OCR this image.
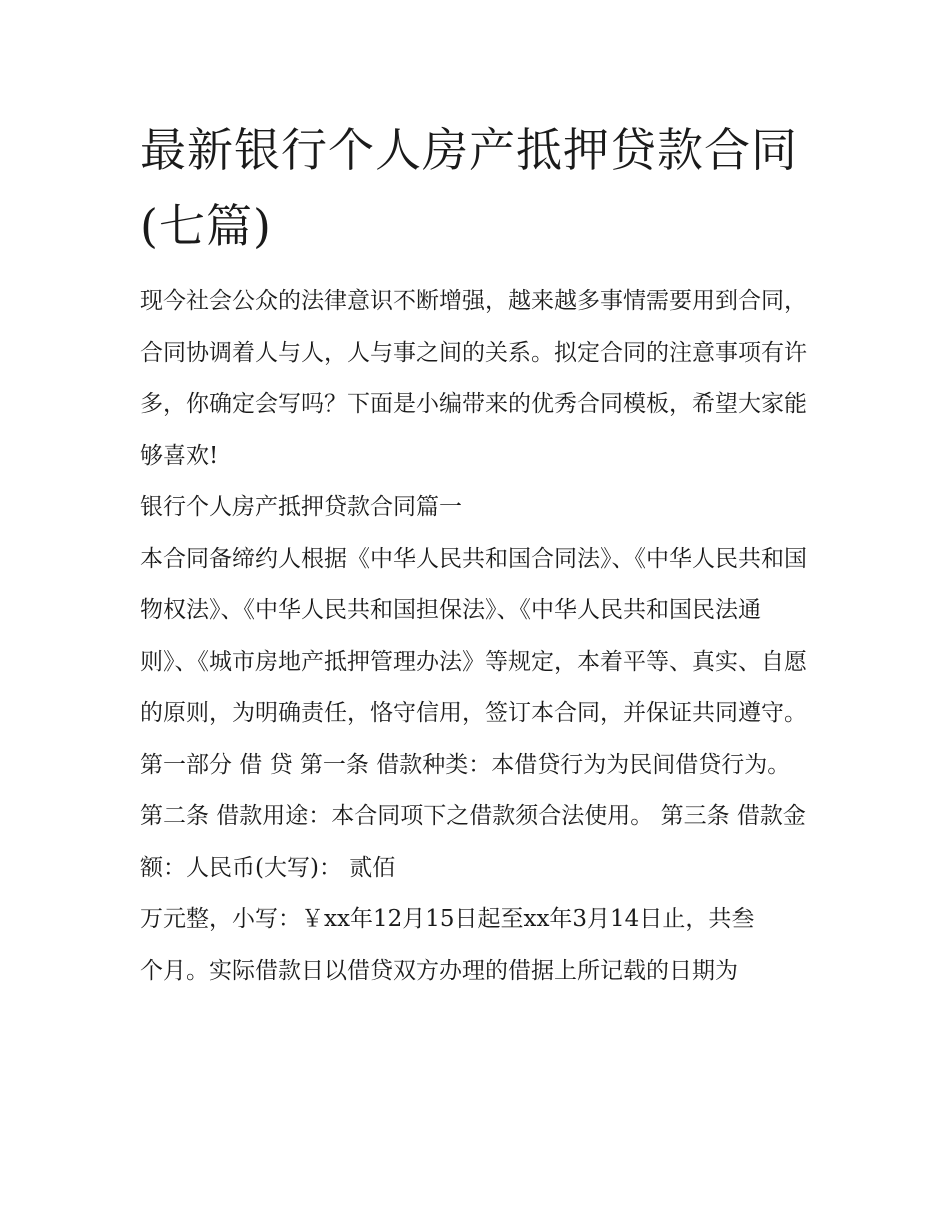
最新银行个人房产抵押贷款合同(七篇)

现今社会公众的法律意识不断增强，越来越多事情需要用到合同，合同协调着人与人，人与事之间的关系。拟定合同的注意事项有许多，你确定会写吗？下面是小编带来的优秀合同模板，希望大家能够喜欢!

银行个人房产抵押贷款合同篇一

本合同备缔约人根据《中华人民共和国合同法》、《中华人民共和国物权法》、《中华人民共和国担保法》、《中华人民共和国民法通则》、《城市房地产抵押管理办法》等规定，本着平等、真实、自愿的原则，为明确责任，恪守信用，签订本合同，并保证共同遵守。

第一部分 借 贷 第一条 借款种类：本借贷行为为民间借贷行为。 第二条 借款用途：本合同项下之借款须合法使用。 第三条 借款金额：人民币(大写)： 贰佰

万元整，小写：￥xx年12月15日起至xx年3月14日止，共叁

个月。实际借款日以借贷双方办理的借据上所记载的日期为
